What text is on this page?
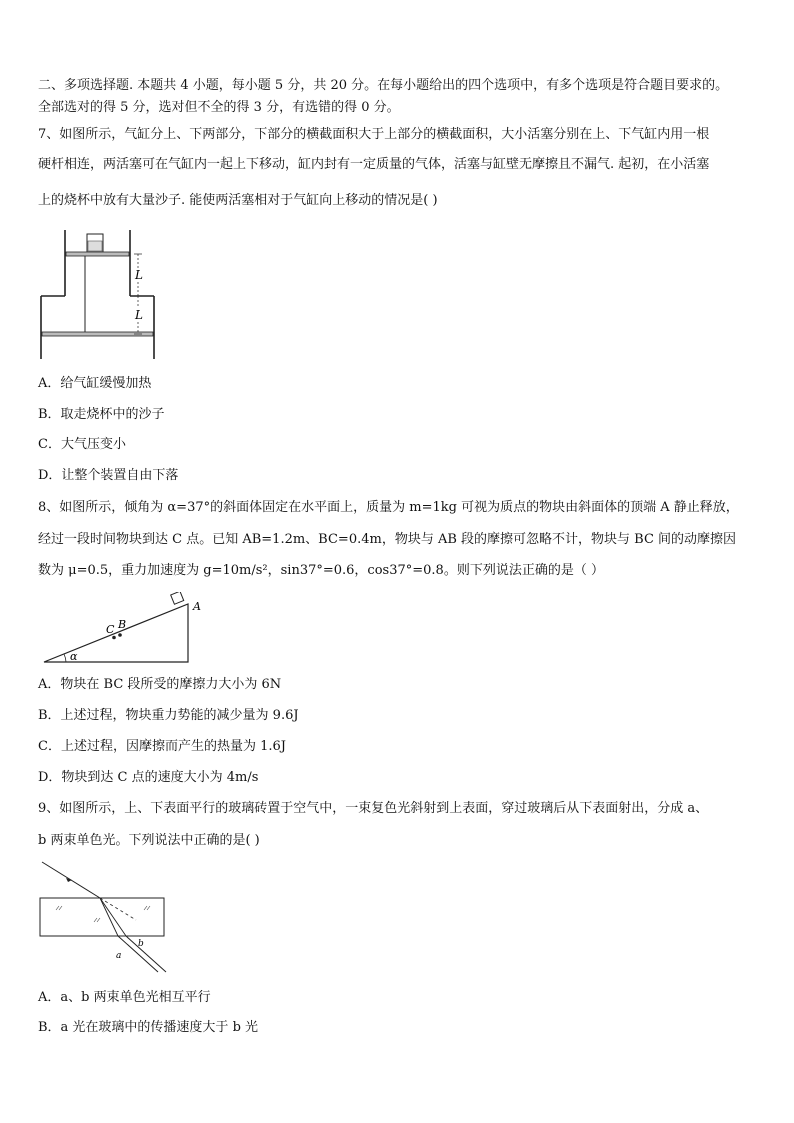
二、多项选择题. 本题共 4 小题，每小题 5 分，共 20 分。在每小题给出的四个选项中，有多个选项是符合题目要求的。
全部选对的得 5 分，选对但不全的得 3 分，有选错的得 0 分。
7、如图所示，气缸分上、下两部分，下部分的横截面积大于上部分的横截面积，大小活塞分别在上、下气缸内用一根
硬杆相连，两活塞可在气缸内一起上下移动，缸内封有一定质量的气体，活塞与缸壁无摩擦且不漏气. 起初，在小活塞
上的烧杯中放有大量沙子. 能使两活塞相对于气缸向上移动的情况是( )
L
L
A．给气缸缓慢加热
B．取走烧杯中的沙子
C．大气压变小
D．让整个装置自由下落
8、如图所示，倾角为 α=37°的斜面体固定在水平面上，质量为 m=1kg 可视为质点的物块由斜面体的顶端 A 静止释放，
经过一段时间物块到达 C 点。已知 AB=1.2m、BC=0.4m，物块与 AB 段的摩擦可忽略不计，物块与 BC 间的动摩擦因
数为 μ=0.5，重力加速度为 g=10m/s²，sin37°=0.6，cos37°=0.8。则下列说法正确的是（ ）
A
B
C
α
A．物块在 BC 段所受的摩擦力大小为 6N
B．上述过程，物块重力势能的减少量为 9.6J
C．上述过程，因摩擦而产生的热量为 1.6J
D．物块到达 C 点的速度大小为 4m/s
9、如图所示，上、下表面平行的玻璃砖置于空气中，一束复色光斜射到上表面，穿过玻璃后从下表面射出，分成 a、
b 两束单色光。下列说法中正确的是( )
a
b
A．a、b 两束单色光相互平行
B．a 光在玻璃中的传播速度大于 b 光
